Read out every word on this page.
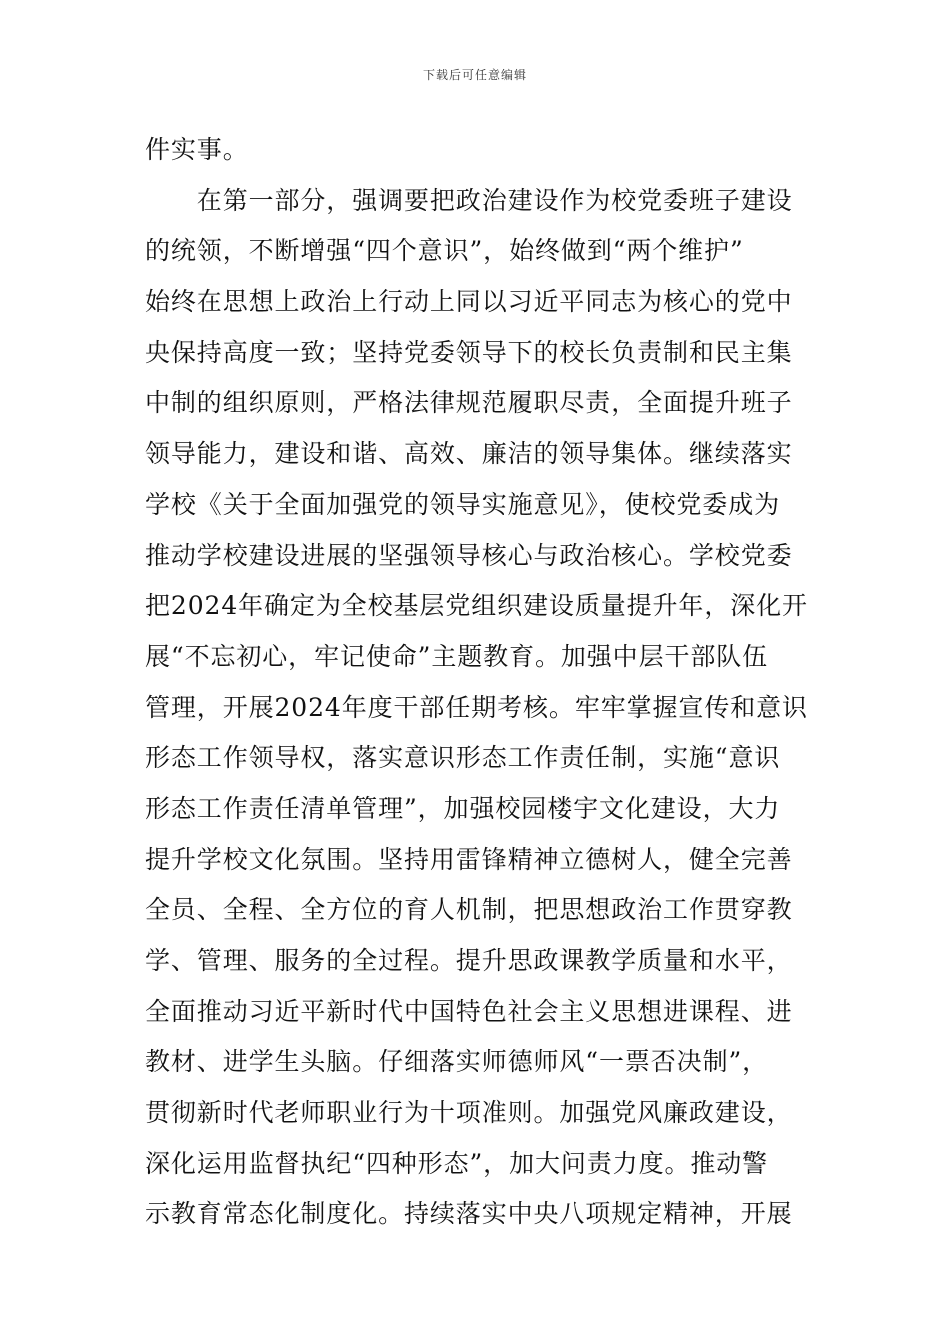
下载后可任意编辑
件实事。
　　在第一部分，强调要把政治建设作为校党委班子建设
的统领，不断增强“四个意识”，始终做到“两个维护”
始终在思想上政治上行动上同以习近平同志为核心的党中
央保持高度一致；坚持党委领导下的校长负责制和民主集
中制的组织原则，严格法律规范履职尽责，全面提升班子
领导能力，建设和谐、高效、廉洁的领导集体。继续落实
学校《关于全面加强党的领导实施意见》，使校党委成为
推动学校建设进展的坚强领导核心与政治核心。学校党委
把2024年确定为全校基层党组织建设质量提升年，深化开
展“不忘初心，牢记使命”主题教育。加强中层干部队伍
管理，开展2024年度干部任期考核。牢牢掌握宣传和意识
形态工作领导权，落实意识形态工作责任制，实施“意识
形态工作责任清单管理”，加强校园楼宇文化建设，大力
提升学校文化氛围。坚持用雷锋精神立德树人，健全完善
全员、全程、全方位的育人机制，把思想政治工作贯穿教
学、管理、服务的全过程。提升思政课教学质量和水平，
全面推动习近平新时代中国特色社会主义思想进课程、进
教材、进学生头脑。仔细落实师德师风“一票否决制”，
贯彻新时代老师职业行为十项准则。加强党风廉政建设，
深化运用监督执纪“四种形态”，加大问责力度。推动警
示教育常态化制度化。持续落实中央八项规定精神，开展
